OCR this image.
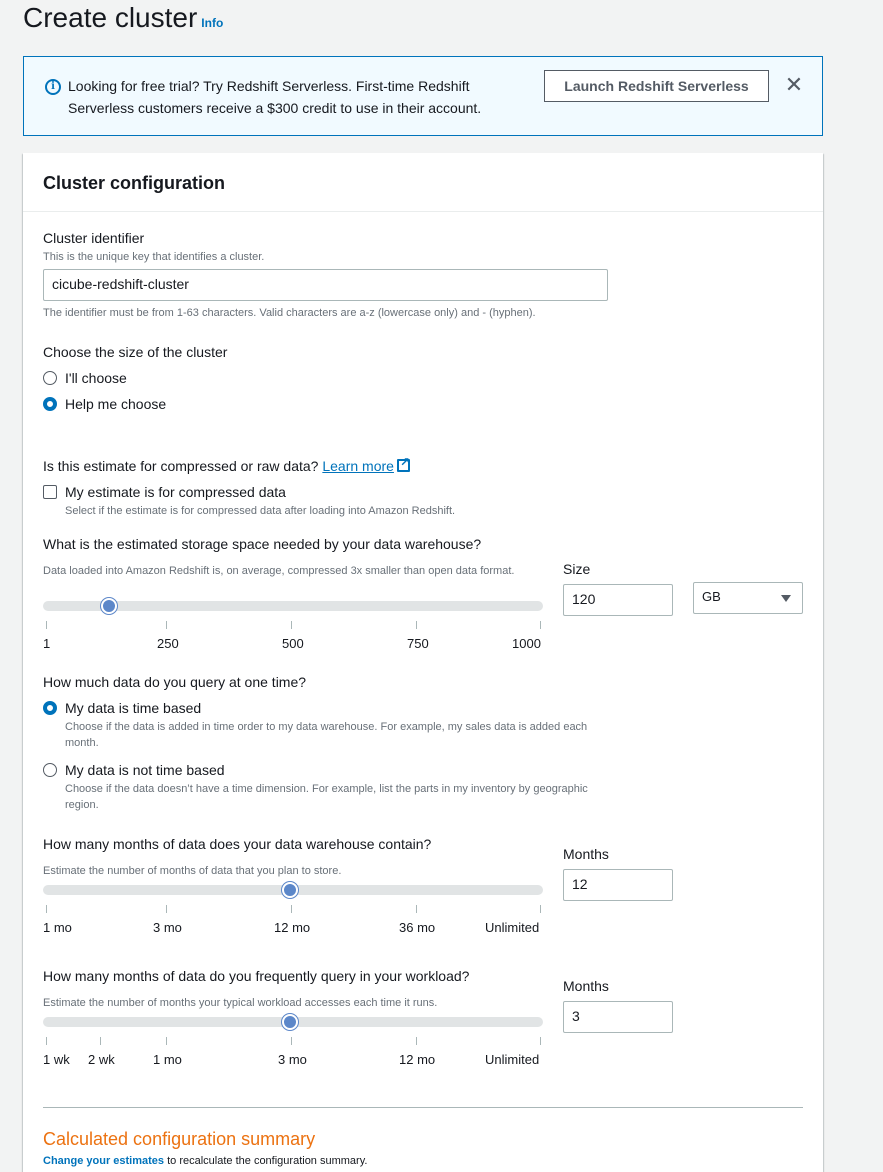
Create cluster Info
i Looking for free trial? Try Redshift Serverless. First-time Redshift Serverless customers receive a $300 credit to use in their account.
Launch Redshift Serverless	✕
Cluster configuration
Cluster identifier
This is the unique key that identifies a cluster.
cicube-redshift-cluster
The identifier must be from 1-63 characters. Valid characters are a-z (lowercase only) and - (hyphen).
Choose the size of the cluster
I'll choose
Help me choose
Is this estimate for compressed or raw data? Learn more↗
My estimate is for compressed data
Select if the estimate is for compressed data after loading into Amazon Redshift.
What is the estimated storage space needed by your data warehouse?
Data loaded into Amazon Redshift is, on average, compressed 3x smaller than open data format.	Size
120	GB
1	250	500	750	1000
How much data do you query at one time?
My data is time based
Choose if the data is added in time order to my data warehouse. For example, my sales data is added each month.
My data is not time based
Choose if the data doesn’t have a time dimension. For example, list the parts in my inventory by geographic region.
How many months of data does your data warehouse contain?
Estimate the number of months of data that you plan to store.
Months
12
1 mo	3 mo	12 mo	36 mo	Unlimited
How many months of data do you frequently query in your workload?
Estimate the number of months your typical workload accesses each time it runs.
Months
3
1 wk 2 wk	1 mo	3 mo	12 mo	Unlimited
Calculated configuration summary
Change your estimates to recalculate the configuration summary.
